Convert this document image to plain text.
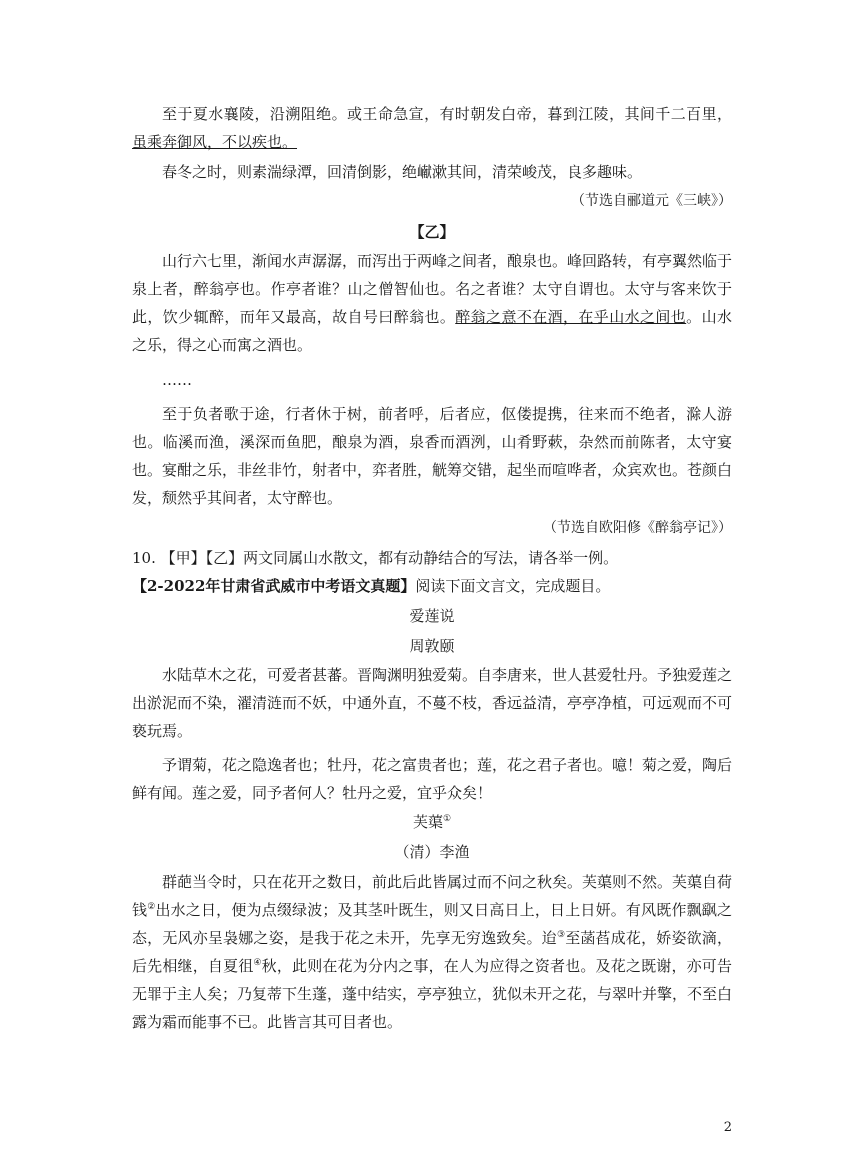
至于夏水襄陵，沿溯阻绝。或王命急宣，有时朝发白帝，暮到江陵，其间千二百里，虽乘奔御风，不以疾也。
春冬之时，则素湍绿潭，回清倒影，绝𪩘漱其间，清荣峻茂，良多趣味。
（节选自郦道元《三峡》）
【乙】
山行六七里，渐闻水声潺潺，而泻出于两峰之间者，酿泉也。峰回路转，有亭翼然临于泉上者，醉翁亭也。作亭者谁？山之僧智仙也。名之者谁？太守自谓也。太守与客来饮于此，饮少辄醉，而年又最高，故自号曰醉翁也。醉翁之意不在酒，在乎山水之间也。山水之乐，得之心而寓之酒也。
……
至于负者歌于途，行者休于树，前者呼，后者应，伛偻提携，往来而不绝者，滁人游也。临溪而渔，溪深而鱼肥，酿泉为酒，泉香而酒洌，山肴野蔌，杂然而前陈者，太守宴也。宴酣之乐，非丝非竹，射者中，弈者胜，觥筹交错，起坐而喧哗者，众宾欢也。苍颜白发，颓然乎其间者，太守醉也。
（节选自欧阳修《醉翁亭记》）
10. 【甲】【乙】两文同属山水散文，都有动静结合的写法，请各举一例。
【2-2022年甘肃省武威市中考语文真题】阅读下面文言文，完成题目。
爱莲说
周敦颐
水陆草木之花，可爱者甚蕃。晋陶渊明独爱菊。自李唐来，世人甚爱牡丹。予独爱莲之出淤泥而不染，濯清涟而不妖，中通外直，不蔓不枝，香远益清，亭亭净植，可远观而不可亵玩焉。
予谓菊，花之隐逸者也；牡丹，花之富贵者也；莲，花之君子者也。噫！菊之爱，陶后鲜有闻。莲之爱，同予者何人？牡丹之爱，宜乎众矣！
芙蕖①
（清）李渔
群葩当令时，只在花开之数日，前此后此皆属过而不问之秋矣。芙蕖则不然。芙蕖自荷钱②出水之日，便为点缀绿波；及其茎叶既生，则又日高日上，日上日妍。有风既作飘飖之态，无风亦呈袅娜之姿，是我于花之未开，先享无穷逸致矣。迨③至菡萏成花，娇姿欲滴，后先相继，自夏徂④秋，此则在花为分内之事，在人为应得之资者也。及花之既谢，亦可告无罪于主人矣；乃复蒂下生蓬，蓬中结实，亭亭独立，犹似未开之花，与翠叶并擎，不至白露为霜而能事不已。此皆言其可目者也。
2
